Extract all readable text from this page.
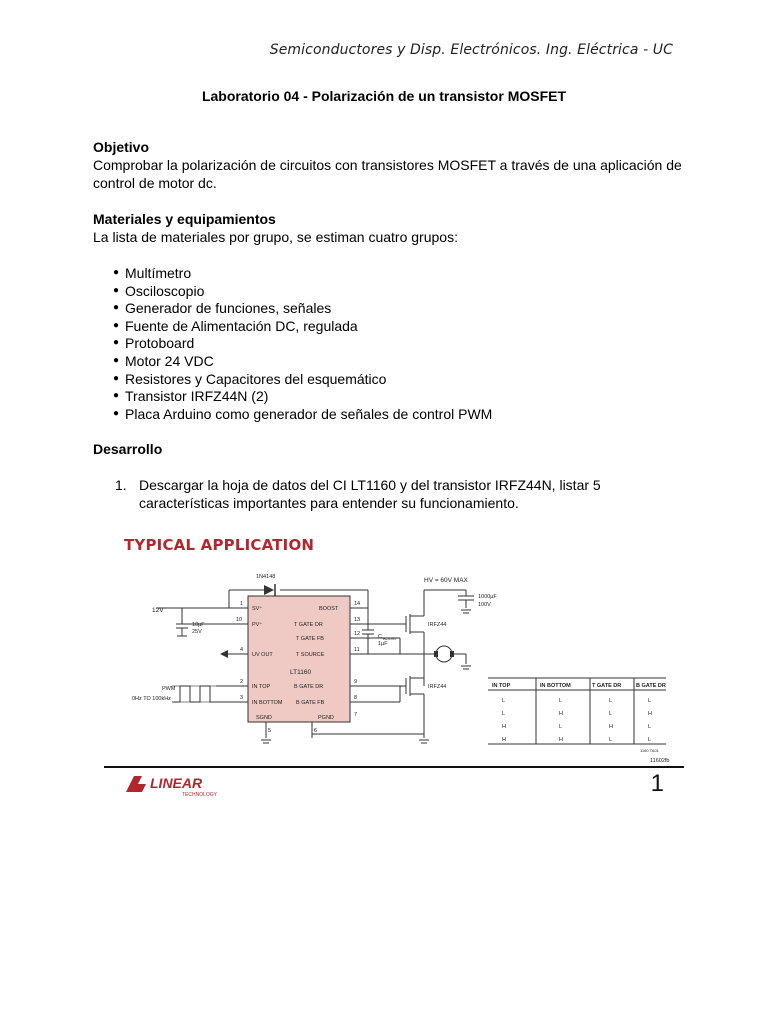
Semiconductores y Disp. Electrónicos. Ing. Eléctrica - UC
Laboratorio 04 - Polarización de un transistor MOSFET
Objetivo
Comprobar la polarización de circuitos con transistores MOSFET a través de una aplicación de control de motor dc.
Materiales y equipamientos
La lista de materiales por grupo, se estiman cuatro grupos:
● Multímetro
● Osciloscopio
● Generador de funciones, señales
● Fuente de Alimentación DC, regulada
● Protoboard
● Motor 24 VDC
● Resistores y Capacitores del esquemático
● Transistor IRFZ44N (2)
● Placa Arduino como generador de señales de control PWM
Desarrollo
1. Descargar la hoja de datos del CI LT1160 y del transistor IRFZ44N, listar 5 características importantes para entender su funcionamiento.
TYPICAL APPLICATION
LT1160
1N4148
12V
10µF
25V
PWM
0Hz TO 100kHz
SV⁺
PV⁺
UV OUT
IN TOP
IN BOTTOM
SGND
BOOST
T GATE DR
T GATE FB
T SOURCE
B GATE DR
B GATE FB
PGND
1
10
4
2
3
5
14
13
12
11
9
8
6
7
HV = 60V MAX
1000µF
100V
C BOOST
1µF
IRFZ44
IRFZ44	IN TOP	IN BOTTOM	T GATE DR	B GATE DR
L	L	L	L
L	H	L	H
H	L	H	L
H	H	L	L
1160 TA01
11602fb
LINEAR
TECHNOLOGY	1
